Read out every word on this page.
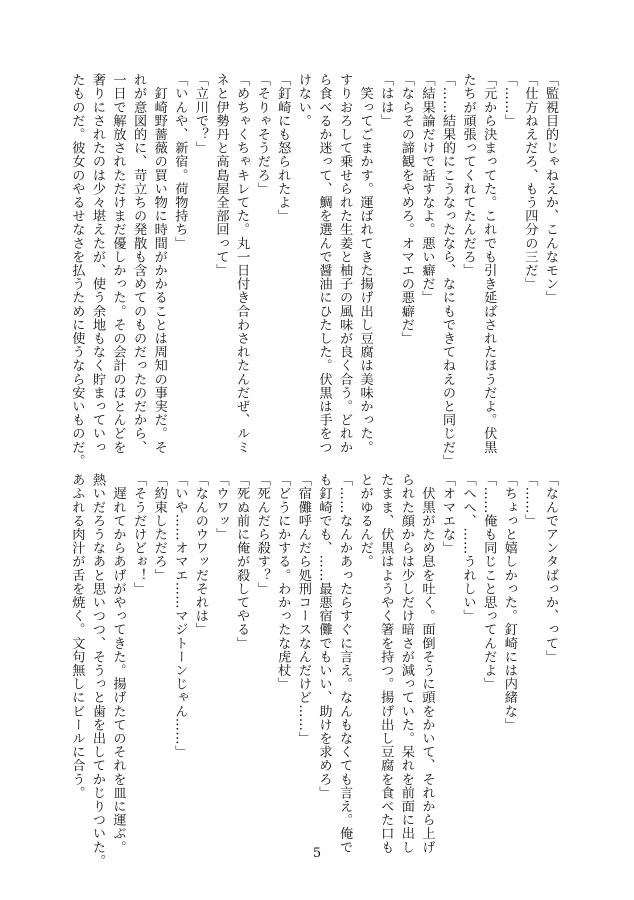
「監視目的じゃねえか、こんなモン」
「仕方ねえだろ、もう四分の三だ」
「……」
「元から決まってた。これでも引き延ばされたほうだよ。伏黒
たちが頑張ってくれてたんだろ」
「……結果的にこうなったなら、なにもできてねえのと同じだ」
「結果論だけで話すなよ。悪い癖だ」
「ならその諦観をやめろ。オマエの悪癖だ」
「はは」
　笑ってごまかす。運ばれてきた揚げ出し豆腐は美味かった。
すりおろして乗せられた生姜と柚子の風味が良く合う。どれか
ら食べるか迷って、鯛を選んで醤油にひたした。伏黒は手をつ
けない。
「釘崎にも怒られたよ」
「そりゃそうだろ」
「めちゃくちゃキレてた。丸一日付き合わされたんだぜ、ルミ
ネと伊勢丹と高島屋全部回って」
「立川で？」
「いんや、新宿。荷物持ち」
　釘崎野薔薇の買い物に時間がかかることは周知の事実だ。そ
れが意図的に、苛立ちの発散も含めてのものだったのだから、
一日で解放されただけまだ優しかった。その会計のほとんどを
奢りにされたのは少々堪えたが、使う余地もなく貯まっていっ
たものだ。彼女のやるせなさを払うために使うなら安いものだ。
「なんでアンタばっか、って」
「……」
「ちょっと嬉しかった。釘崎には内緒な」
「……俺も同じこと思ってんだよ」
「へへ、……うれしい」
「オマエな」
　伏黒がため息を吐く。面倒そうに頭をかいて、それから上げ
られた顔からは少しだけ暗さが減っていた。呆れを前面に出し
たまま、伏黒はようやく箸を持つ。揚げ出し豆腐を食べた口も
とがゆるんだ。
「……なんかあったらすぐに言え。なんもなくても言え。俺で
も釘崎でも、……最悪宿儺でもいい、助けを求めろ」
「宿儺呼んだら処刑コースなんだけど……」
「どうにかする。わかったな虎杖」
「死んだら殺す？」
「死ぬ前に俺が殺してやる」
「ウワッ」
「なんのウワッだそれは」
「いや……オマエ……マジトーンじゃん……」
「約束しただろ」
「そうだけどぉ！」
　遅れてからあげがやってきた。揚げたてのそれを皿に運ぶ。
熱いだろうなあと思いつつ、そうっと歯を出してかじりついた。
あふれる肉汁が舌を焼く。文句無しにビールに合う。
5
